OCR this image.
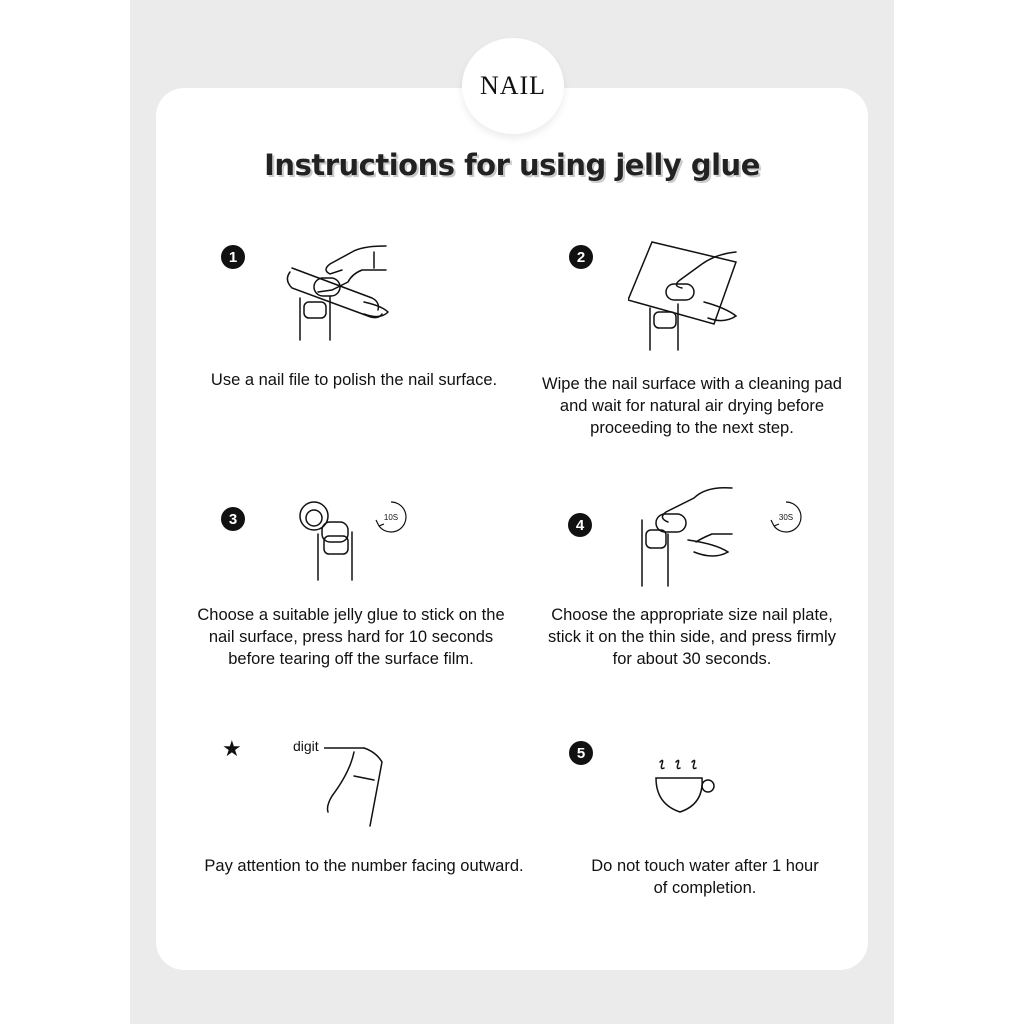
NAIL
Instructions for using jelly glue
1
Use a nail file to polish the nail surface.
2
Wipe the nail surface with a cleaning pad
and wait for natural air drying before
proceeding to the next step.
3	10S
Choose a suitable jelly glue to stick on the
nail surface, press hard for 10 seconds
before tearing off the surface film.
4	30S
Choose the appropriate size nail plate,
stick it on the thin side, and press firmly
for about 30 seconds.
★	digit
Pay attention to the number facing outward.
5
Do not touch water after 1 hour
of completion.
